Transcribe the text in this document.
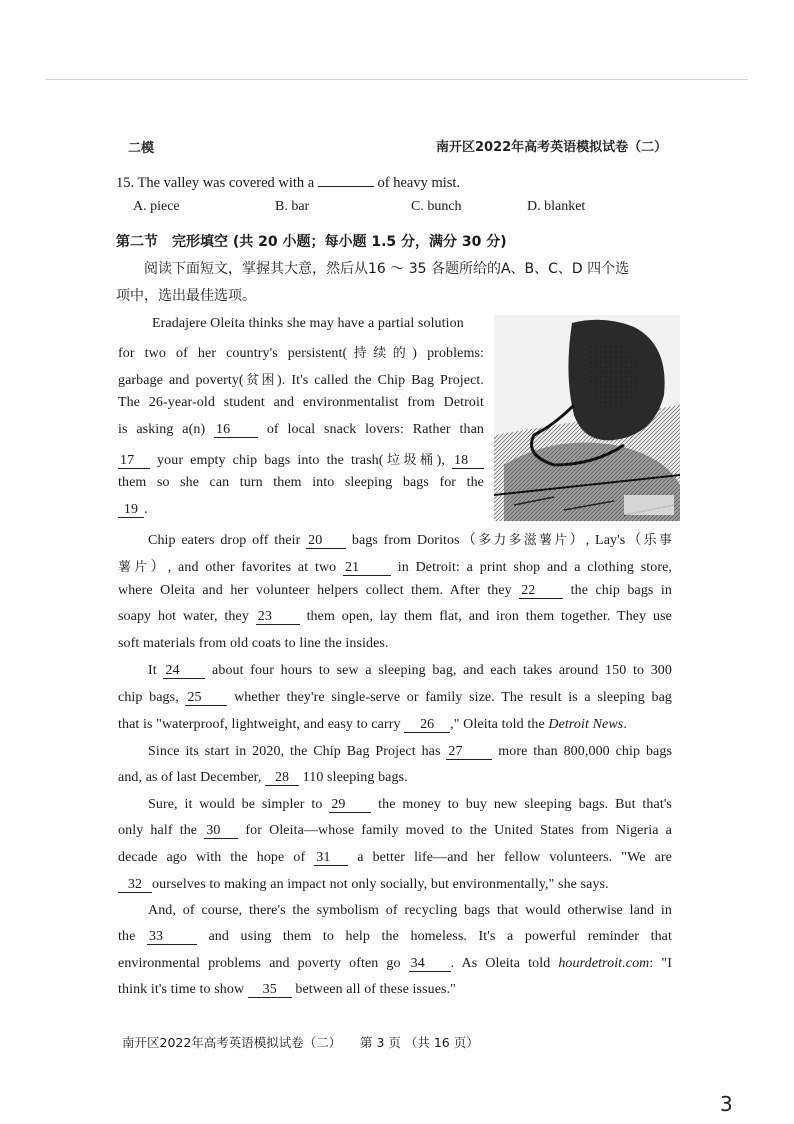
二模	南开区2022年高考英语模拟试卷（二）
15. The valley was covered with a	of heavy mist.
A. piece	B. bar	C. bunch	D. blanket
第二节　完形填空 (共 20 小题；每小题 1.5 分，满分 30 分)
阅读下面短文，掌握其大意，然后从16 ～ 35 各题所给的A、B、C、D 四个选
项中，选出最佳选项。
Eradajere Oleita thinks she may have a partial solution
for two of her country's persistent(持续的) problems:
garbage and poverty(贫困). It's called the Chip Bag Project.
The 26-year-old student and environmentalist from Detroit
is asking a(n) 16 of local snack lovers: Rather than
17 your empty chip bags into the trash(垃圾桶), 18
them so she can turn them into sleeping bags for the
19 .
Chip eaters drop off their 20 bags from Doritos（多力多滋薯片）, Lay's（乐事
薯片）, and other favorites at two 21 in Detroit: a print shop and a clothing store,
where Oleita and her volunteer helpers collect them. After they 22 the chip bags in
soapy hot water, they 23 them open, lay them flat, and iron them together. They use
soft materials from old coats to line the insides.
It 24 about four hours to sew a sleeping bag, and each takes around 150 to 300
chip bags, 25 whether they're single-serve or family size. The result is a sleeping bag
that is "waterproof, lightweight, and easy to carry 26 ," Oleita told the Detroit News.
Since its start in 2020, the Chip Bag Project has 27 more than 800,000 chip bags
and, as of last December, 28 110 sleeping bags.
Sure, it would be simpler to 29 the money to buy new sleeping bags. But that's
only half the 30 for Oleita—whose family moved to the United States from Nigeria a
decade ago with the hope of 31 a better life—and her fellow volunteers. "We are
32 ourselves to making an impact not only socially, but environmentally," she says.
And, of course, there's the symbolism of recycling bags that would otherwise land in
the 33 and using them to help the homeless. It's a powerful reminder that
environmental problems and poverty often go 34 . As Oleita told hourdetroit.com: "I
think it's time to show 35 between all of these issues."
南开区2022年高考英语模拟试卷（二） 第 3 页 （共 16 页）
3
